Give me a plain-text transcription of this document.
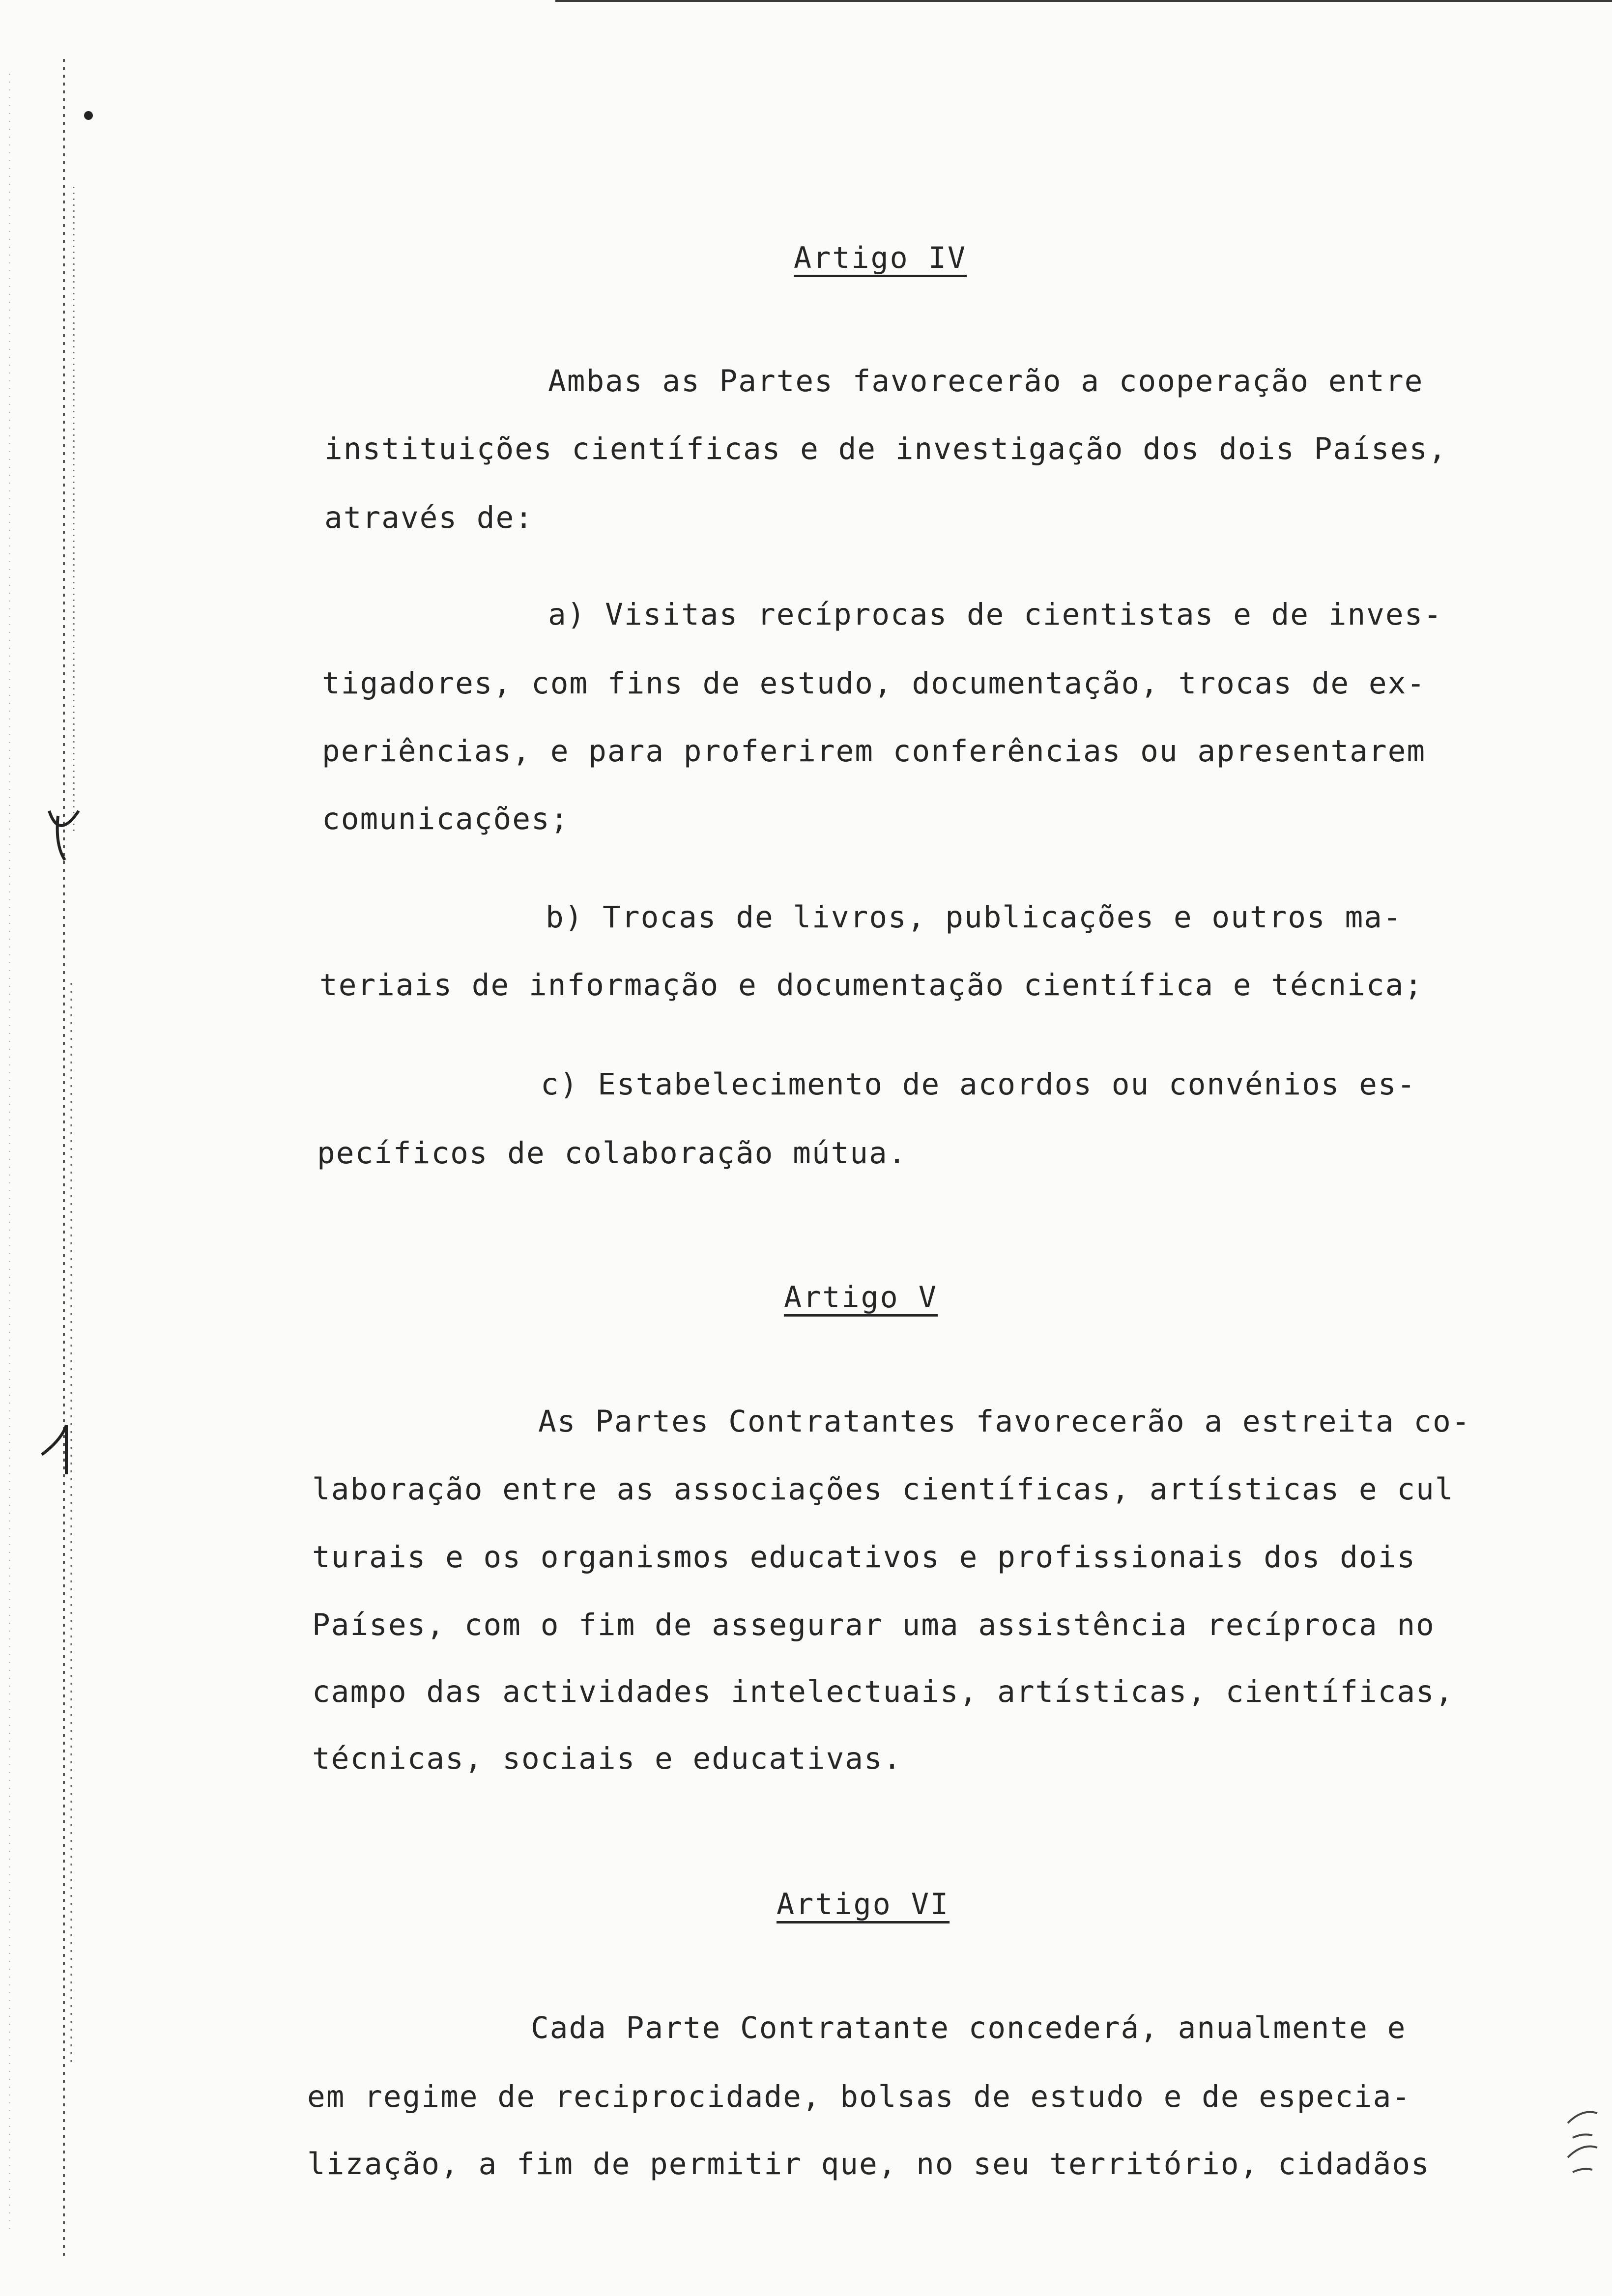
Artigo IV
Ambas as Partes favorecerão a cooperação entre
instituições científicas e de investigação dos dois Países,
através de:
a) Visitas recíprocas de cientistas e de inves-
tigadores, com fins de estudo, documentação, trocas de ex-
periências, e para proferirem conferências ou apresentarem
comunicações;
b) Trocas de livros, publicações e outros ma-
teriais de informação e documentação científica e técnica;
c) Estabelecimento de acordos ou convénios es-
pecíficos de colaboração mútua.
Artigo V
As Partes Contratantes favorecerão a estreita co-
laboração entre as associações científicas, artísticas e cul
turais e os organismos educativos e profissionais dos dois
Países, com o fim de assegurar uma assistência recíproca no
campo das actividades intelectuais, artísticas, científicas,
técnicas, sociais e educativas.
Artigo VI
Cada Parte Contratante concederá, anualmente e
em regime de reciprocidade, bolsas de estudo e de especia-
lização, a fim de permitir que, no seu território, cidadãos
